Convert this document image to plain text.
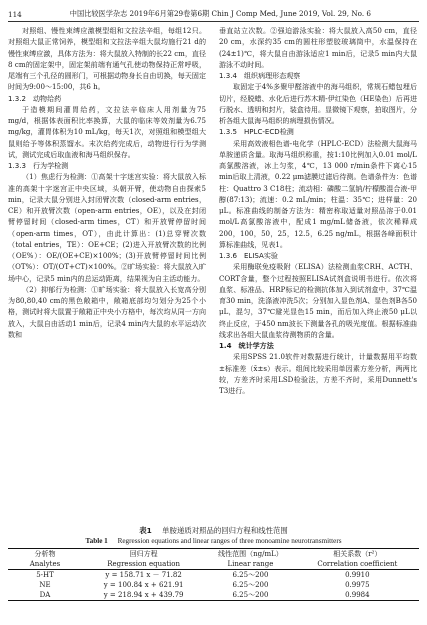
114	中国比较医学杂志 2019年6月第29卷第6期 Chin J Comp Med, June 2019, Vol. 29, No. 6

对照组、慢性束缚应激模型组和文拉法辛组，每组12只。对照组大鼠正常饲养，模型组和文拉法辛组大鼠均施行21 d的慢性束缚应激，具体方法为：将大鼠放入特制的长22 cm，直径8 cm的固定架中，固定架前端有通气孔使动物保持正常呼吸，尾端有三个孔径的圆形门，可根据动物身长自由切换，每天固定时间为9:00～15:00，共6 h。

1.3.2　动物给药

于造模期间灌胃给药，文拉法辛临床人用剂量为75 mg/d，根据体表面积比率换算，大鼠的临床等效剂量为6.75 mg/kg，灌胃体积为10 mL/kg，每天1次，对照组和模型组大鼠则给予等体积蒸馏水。末次给药完成后，动物进行行为学测试，测试完成后取血液和海马组织保存。

1.3.3　行为学检测

（1）焦虑行为检测：①高架十字迷宫实验：将大鼠放入标准的高架十字迷宫正中央区域，头朝开臂，使动物自由探索5 min，记录大鼠分别进入封闭臂次数（closed-arm entries，CE）和开放臂次数（open-arm entries，OE），以及在封闭臂停留时间（closed-arm times，CT）和开放臂停留时间（open-arm times，OT），由此计算出：(1)总穿臂次数（total entries，TE）：OE+CE；(2)进入开放臂次数的比例（OE%）：OE/(OE+CE)×100%；(3)开放臂停留时间比例（OT%）：OT/(OT+CT)×100%。②旷场实验：将大鼠放入旷场中心，记录5 min内的总运动距离，结果视为自主活动能力。

（2）抑郁行为检测：①旷场实验：将大鼠放入长宽高分别为80,80,40 cm的黑色敞箱中，敞箱底部均匀划分为25个小格，测试时将大鼠置于敞箱正中央小方格中，每次均从同一方向放入，大鼠自由活动1 min后，记录4 min内大鼠的水平运动次数和

垂直站立次数。②强迫游泳实验：将大鼠放入高50 cm，直径20 cm，水深约35 cm的圆柱形塑胶玻璃筒中，水温保持在(24±1)℃，将大鼠自由游泳适应1 min后，记录5 min内大鼠游泳不动时间。

1.3.4　组织病理形态观察

取固定于4%多聚甲醛溶液中的海马组织，常规石蜡包埋后切片，经脱蜡、水化后进行苏木精-伊红染色（HE染色）后再进行脱水、透明和封片，装盒待用。显微镜下观察，拍取图片，分析各组大鼠海马组织的病理损伤情况。

1.3.5　HPLC-ECD检测

采用高效液相色谱-电化学（HPLC-ECD）法检测大鼠海马单胺递质含量。取海马组织称重，按1:10比例加入0.01 mol/L高氯酸溶液，冰上匀浆，4℃，13 000 r/min条件下离心15 min后取上清液，0.22 μm滤膜过滤后待测。色谱条件为：色谱柱：Quattro 3 C18柱；流动相：磷酸二氢钠/柠檬酸混合液-甲醇(87:13)；流速：0.2 mL/min；柱温：35℃；进样量：20 μL。标准曲线的制备方法为：精密称取适量对照品溶于0.01 mol/L高氯酸溶液中，配成1 mg/mL储备液，依次稀释成200，100，50，25，12.5，6.25 ng/mL，根据各峰面积计算标准曲线，见表1。

1.3.6　ELISA实验

采用酶联免疫吸附（ELISA）法检测血浆CRH、ACTH、CORT含量，整个过程按照ELISA试剂盒说明书进行。依次将血浆、标准品、HRP标记的检测抗体加入到试剂盒中，37℃温育30 min，洗涤液冲洗5次；分别加入显色剂A、显色剂B各50 μL，混匀，37℃避光显色15 min，而后加入终止液50 μL以终止反应，于450 nm波长下测量各孔的吸光度值。根据标准曲线求出各组大鼠血浆待测物质的含量。

1.4　统计学方法

采用SPSS 21.0软件对数据进行统计，计量数据用平均数±标准差（x̄±s）表示。组间比较采用单因素方差分析，两两比较，方差齐时采用LSD检验法，方差不齐时，采用Dunnett's T3进行。

表1 单胺递质对照品的回归方程和线性范围
Table 1 Regression equations and linear ranges of three monoamine neurotransmitters
分析物	回归方程	线性范围（ng/mL）	相关系数（r²）
Analytes	Regression equation	Linear range	Correlation coefficient
5-HT	y = 158.71 x － 71.82	6.25～200	0.9910
NE	y = 100.84 x + 621.91	6.25～200	0.9975
DA	y = 218.94 x + 439.79	6.25～200	0.9984
